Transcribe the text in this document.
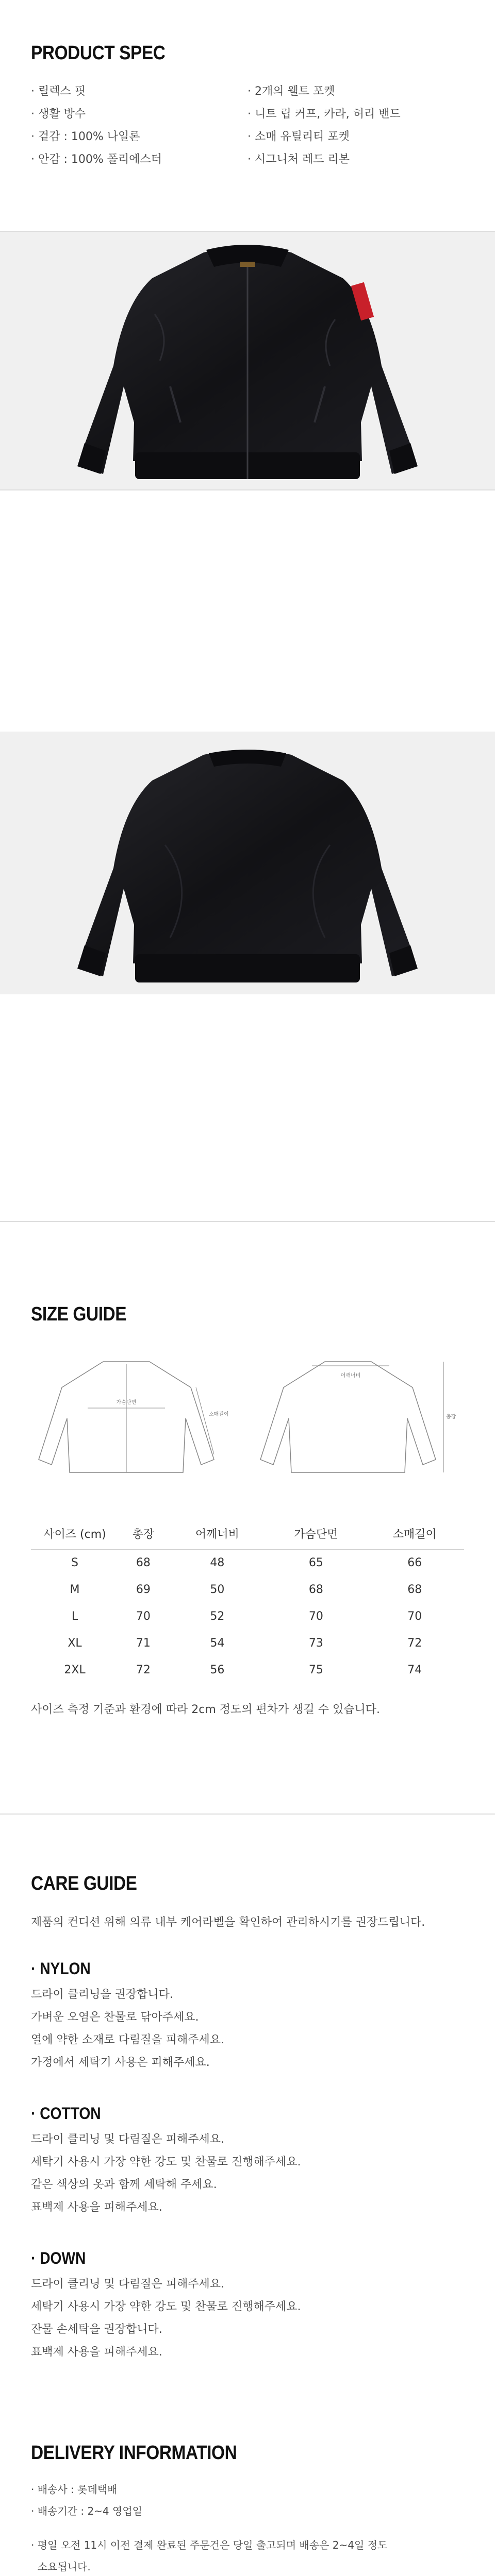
PRODUCT SPEC
· 릴렉스 핏	· 2개의 웰트 포켓
· 생활 방수	· 니트 립 커프, 카라, 허리 밴드
· 겉감 : 100% 나일론	· 소매 유틸리티 포켓
· 안감 : 100% 폴리에스터	· 시그니처 레드 리본
SIZE GUIDE
가슴단면
소매길이
어깨너비
총장
사이즈 (cm)	총장	어깨너비	가슴단면	소매길이
S	68	48	65	66
M	69	50	68	68
L	70	52	70	70
XL	71	54	73	72
2XL	72	56	75	74
사이즈 측정 기준과 환경에 따라 2cm 정도의 편차가 생길 수 있습니다.
CARE GUIDE
제품의 컨디션 위해 의류 내부 케어라벨을 확인하여 관리하시기를 권장드립니다.
· NYLON
드라이 클리닝을 권장합니다.
가벼운 오염은 찬물로 닦아주세요.
열에 약한 소재로 다림질을 피해주세요.
가정에서 세탁기 사용은 피해주세요.
· COTTON
드라이 클리닝 및 다림질은 피해주세요.
세탁기 사용시 가장 약한 강도 및 찬물로 진행해주세요.
같은 색상의 옷과 함께 세탁해 주세요.
표백제 사용을 피해주세요.
· DOWN
드라이 클리닝 및 다림질은 피해주세요.
세탁기 사용시 가장 약한 강도 및 찬물로 진행해주세요.
잔물 손세탁을 권장합니다.
표백제 사용을 피해주세요.
DELIVERY INFORMATION
· 배송사 : 롯데택배
· 배송기간 : 2~4 영업일
· 평일 오전 11시 이전 결제 완료된 주문건은 당일 출고되며 배송은 2~4일 정도
소요됩니다.
